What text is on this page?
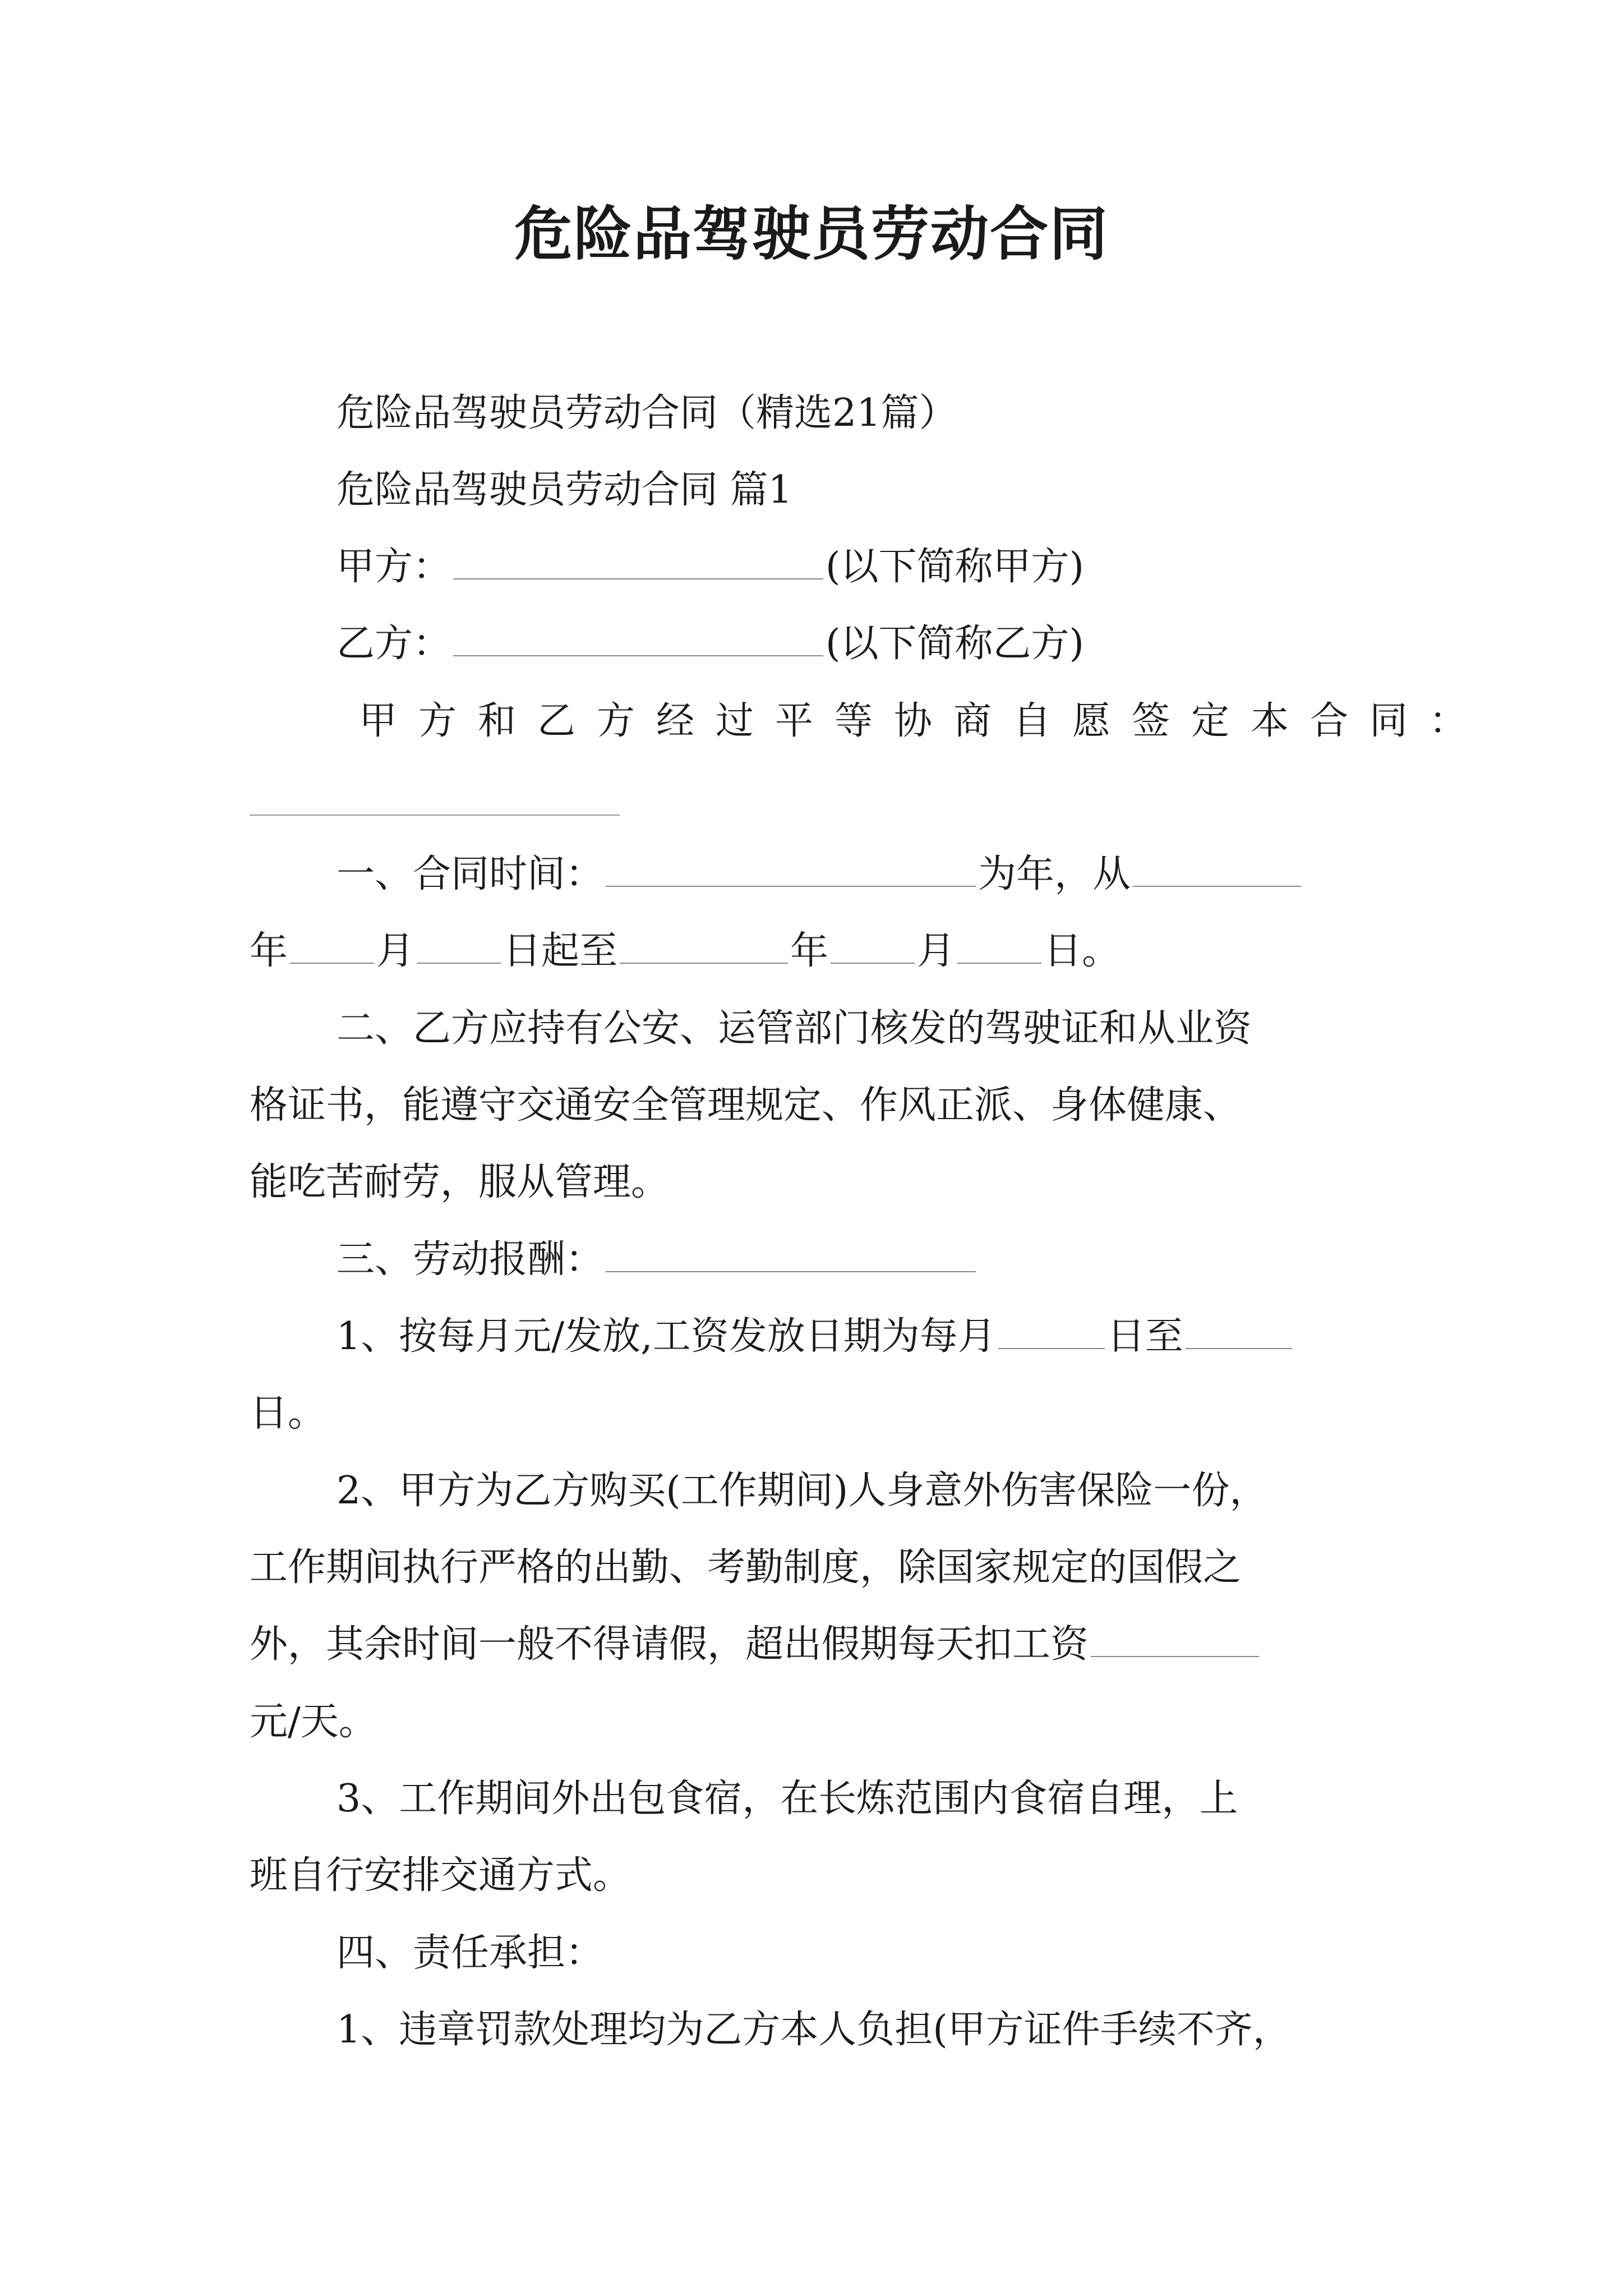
危险品驾驶员劳动合同
危险品驾驶员劳动合同（精选21篇）
危险品驾驶员劳动合同 篇1
甲方：	(以下简称甲方)
乙方：	(以下简称乙方)
甲方和乙方经过平等协商自愿签定本合同：
一、合同时间：	为年，从
年 月 日起至	年 月 日。
二、乙方应持有公安、运管部门核发的驾驶证和从业资
格证书，能遵守交通安全管理规定、作风正派、身体健康、
能吃苦耐劳，服从管理。
三、劳动报酬：
1、按每月元/发放,工资发放日期为每月	日至
日。
2、甲方为乙方购买(工作期间)人身意外伤害保险一份，
工作期间执行严格的出勤、考勤制度，除国家规定的国假之
外，其余时间一般不得请假，超出假期每天扣工资
元/天。
3、工作期间外出包食宿，在长炼范围内食宿自理，上
班自行安排交通方式。
四、责任承担：
1、违章罚款处理均为乙方本人负担(甲方证件手续不齐，
